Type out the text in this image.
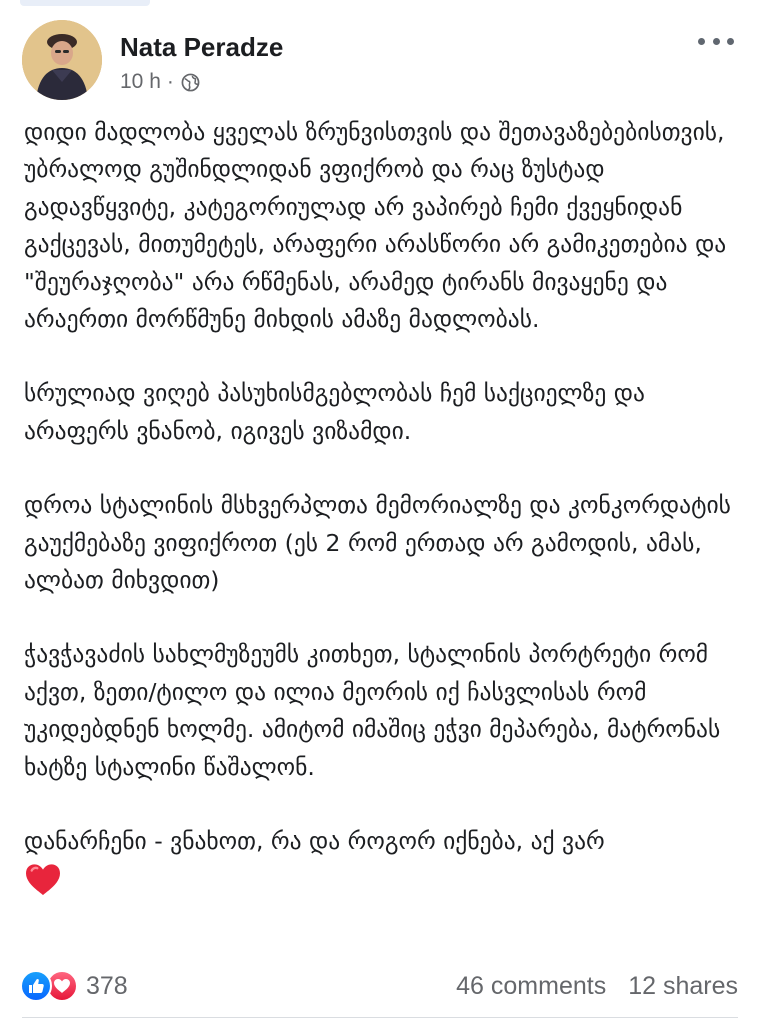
Nata Peradze
10 h ·

დიდი მადლობა ყველას ზრუნვისთვის და შეთავაზებებისთვის, უბრალოდ გუშინდლიდან ვფიქრობ და რაც ზუსტად გადავწყვიტე, კატეგორიულად არ ვაპირებ ჩემი ქვეყნიდან გაქცევას, მითუმეტეს, არაფერი არასწორი არ გამიკეთებია და "შეურაჯღობა" არა რწმენას, არამედ ტირანს მივაყენე და არაერთი მორწმუნე მიხდის ამაზე მადლობას.

სრულიად ვიღებ პასუხისმგებლობას ჩემ საქციელზე და არაფერს ვნანობ, იგივეს ვიზამდი.

დროა სტალინის მსხვერპლთა მემორიალზე და კონკორდატის გაუქმებაზე ვიფიქროთ (ეს 2 რომ ერთად არ გამოდის, ამას, ალბათ მიხვდით)

ჭავჭავაძის სახლმუზეუმს კითხეთ, სტალინის პორტრეტი რომ აქვთ, ზეთი/ტილო და ილია მეორის იქ ჩასვლისას რომ უკიდებდნენ ხოლმე. ამიტომ იმაშიც ეჭვი მეპარება, მატრონას ხატზე სტალინი წაშალონ.

დანარჩენი - ვნახოთ, რა და როგორ იქნება, აქ ვარ

378	46 comments 12 shares
